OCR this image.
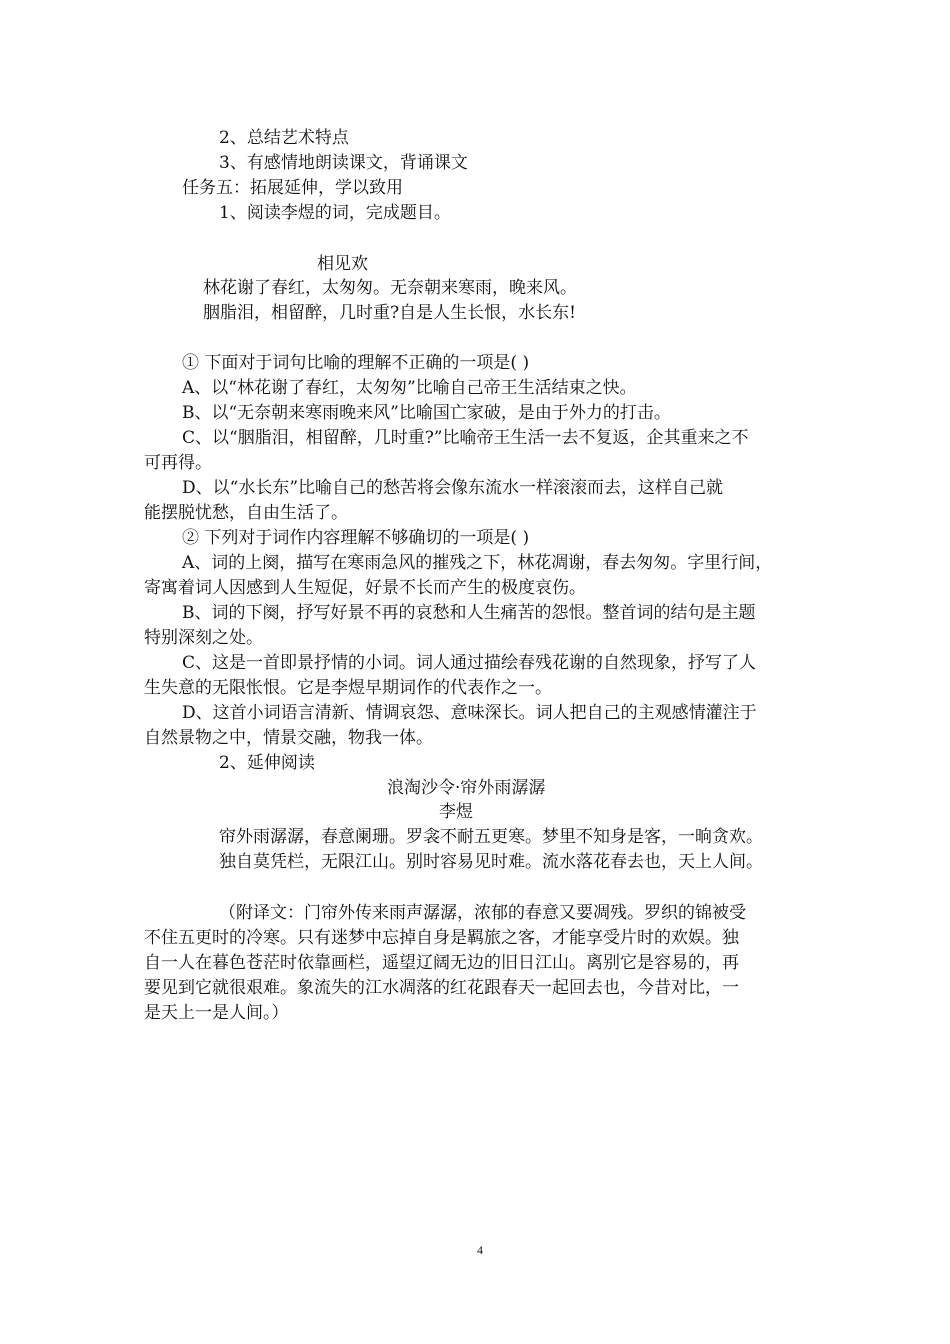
2、总结艺术特点
3、有感情地朗读课文，背诵课文
任务五：拓展延伸，学以致用
1、阅读李煜的词，完成题目。
相见欢
林花谢了春红，太匆匆。无奈朝来寒雨，晚来风。
胭脂泪，相留醉，几时重?自是人生长恨，水长东!
① 下面对于词句比喻的理解不正确的一项是( )
A、以“林花谢了春红，太匆匆”比喻自己帝王生活结束之快。
B、以“无奈朝来寒雨晚来风”比喻国亡家破，是由于外力的打击。
C、以“胭脂泪，相留醉，几时重?”比喻帝王生活一去不复返，企其重来之不
可再得。
D、以“水长东”比喻自己的愁苦将会像东流水一样滚滚而去，这样自己就
能摆脱忧愁，自由生活了。
② 下列对于词作内容理解不够确切的一项是( )
A、词的上阕，描写在寒雨急风的摧残之下，林花凋谢，春去匆匆。字里行间，
寄寓着词人因感到人生短促，好景不长而产生的极度哀伤。
B、词的下阕，抒写好景不再的哀愁和人生痛苦的怨恨。整首词的结句是主题
特别深刻之处。
C、这是一首即景抒情的小词。词人通过描绘春残花谢的自然现象，抒写了人
生失意的无限怅恨。它是李煜早期词作的代表作之一。
D、这首小词语言清新、情调哀怨、意味深长。词人把自己的主观感情灌注于
自然景物之中，情景交融，物我一体。
2、延伸阅读
浪淘沙令·帘外雨潺潺
李煜
帘外雨潺潺，春意阑珊。罗衾不耐五更寒。梦里不知身是客，一晌贪欢。
独自莫凭栏，无限江山。别时容易见时难。流水落花春去也，天上人间。
（附译文：门帘外传来雨声潺潺，浓郁的春意又要凋残。罗织的锦被受
不住五更时的冷寒。只有迷梦中忘掉自身是羁旅之客，才能享受片时的欢娱。独
自一人在暮色苍茫时依靠画栏，遥望辽阔无边的旧日江山。离别它是容易的，再
要见到它就很艰难。象流失的江水凋落的红花跟春天一起回去也，今昔对比，一
是天上一是人间。）
4
